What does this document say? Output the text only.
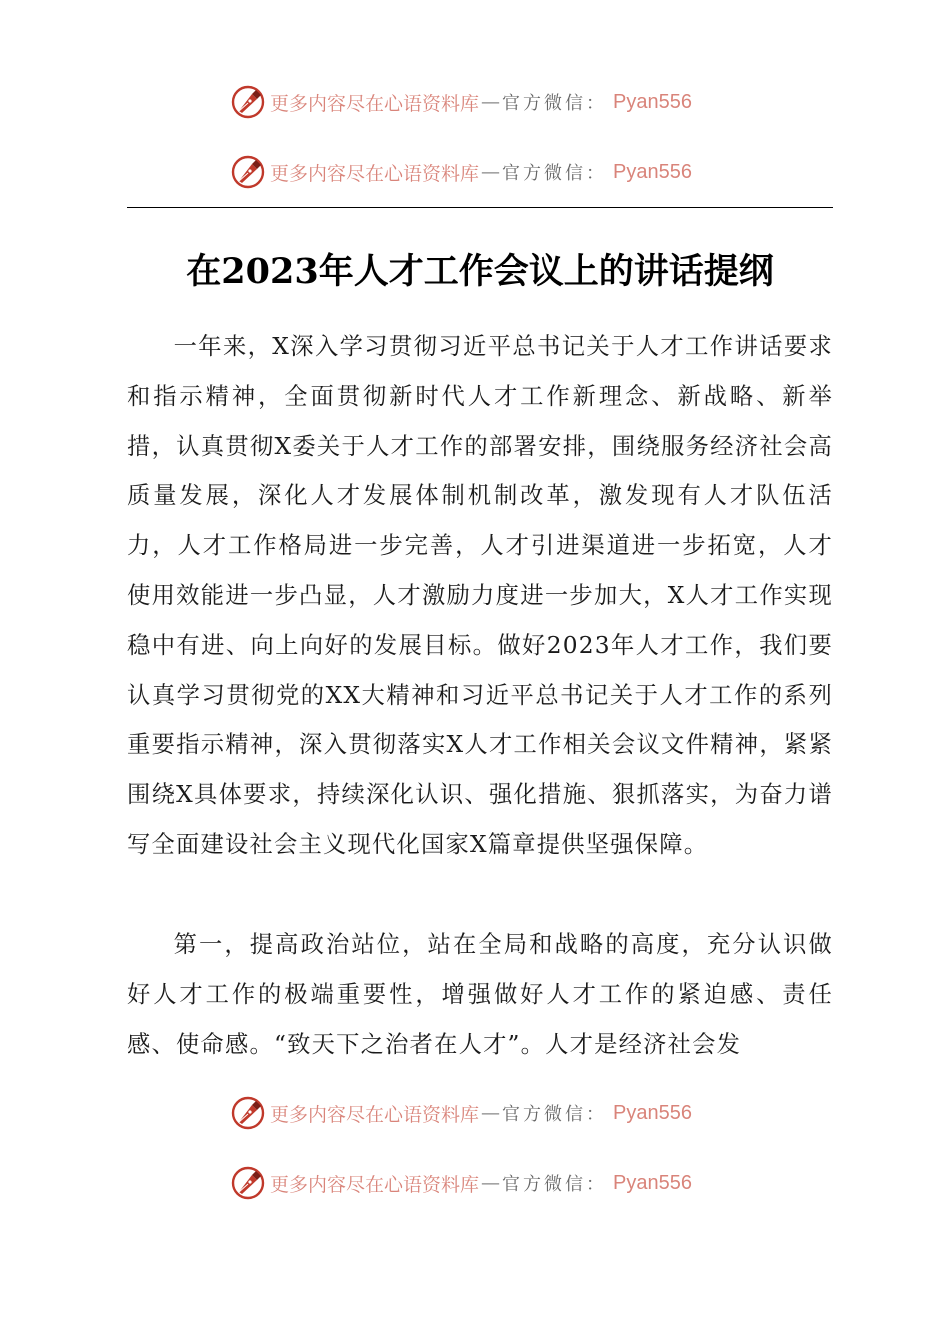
更多内容尽在心语资料库 — 官方微信： Pyan556
更多内容尽在心语资料库 — 官方微信： Pyan556
在2023年人才工作会议上的讲话提纲

一年来，X深入学习贯彻习近平总书记关于人才工作讲话要求和指示精神，全面贯彻新时代人才工作新理念、新战略、新举措，认真贯彻X委关于人才工作的部署安排，围绕服务经济社会高质量发展，深化人才发展体制机制改革，激发现有人才队伍活力，人才工作格局进一步完善，人才引进渠道进一步拓宽，人才使用效能进一步凸显，人才激励力度进一步加大，X人才工作实现稳中有进、向上向好的发展目标。做好2023年人才工作，我们要认真学习贯彻党的XX大精神和习近平总书记关于人才工作的系列重要指示精神，深入贯彻落实X人才工作相关会议文件精神，紧紧围绕X具体要求，持续深化认识、强化措施、狠抓落实，为奋力谱写全面建设社会主义现代化国家X篇章提供坚强保障。

第一，提高政治站位，站在全局和战略的高度，充分认识做好人才工作的极端重要性，增强做好人才工作的紧迫感、责任感、使命感。“致天下之治者在人才”。人才是经济社会发

更多内容尽在心语资料库 — 官方微信： Pyan556
更多内容尽在心语资料库 — 官方微信： Pyan556
